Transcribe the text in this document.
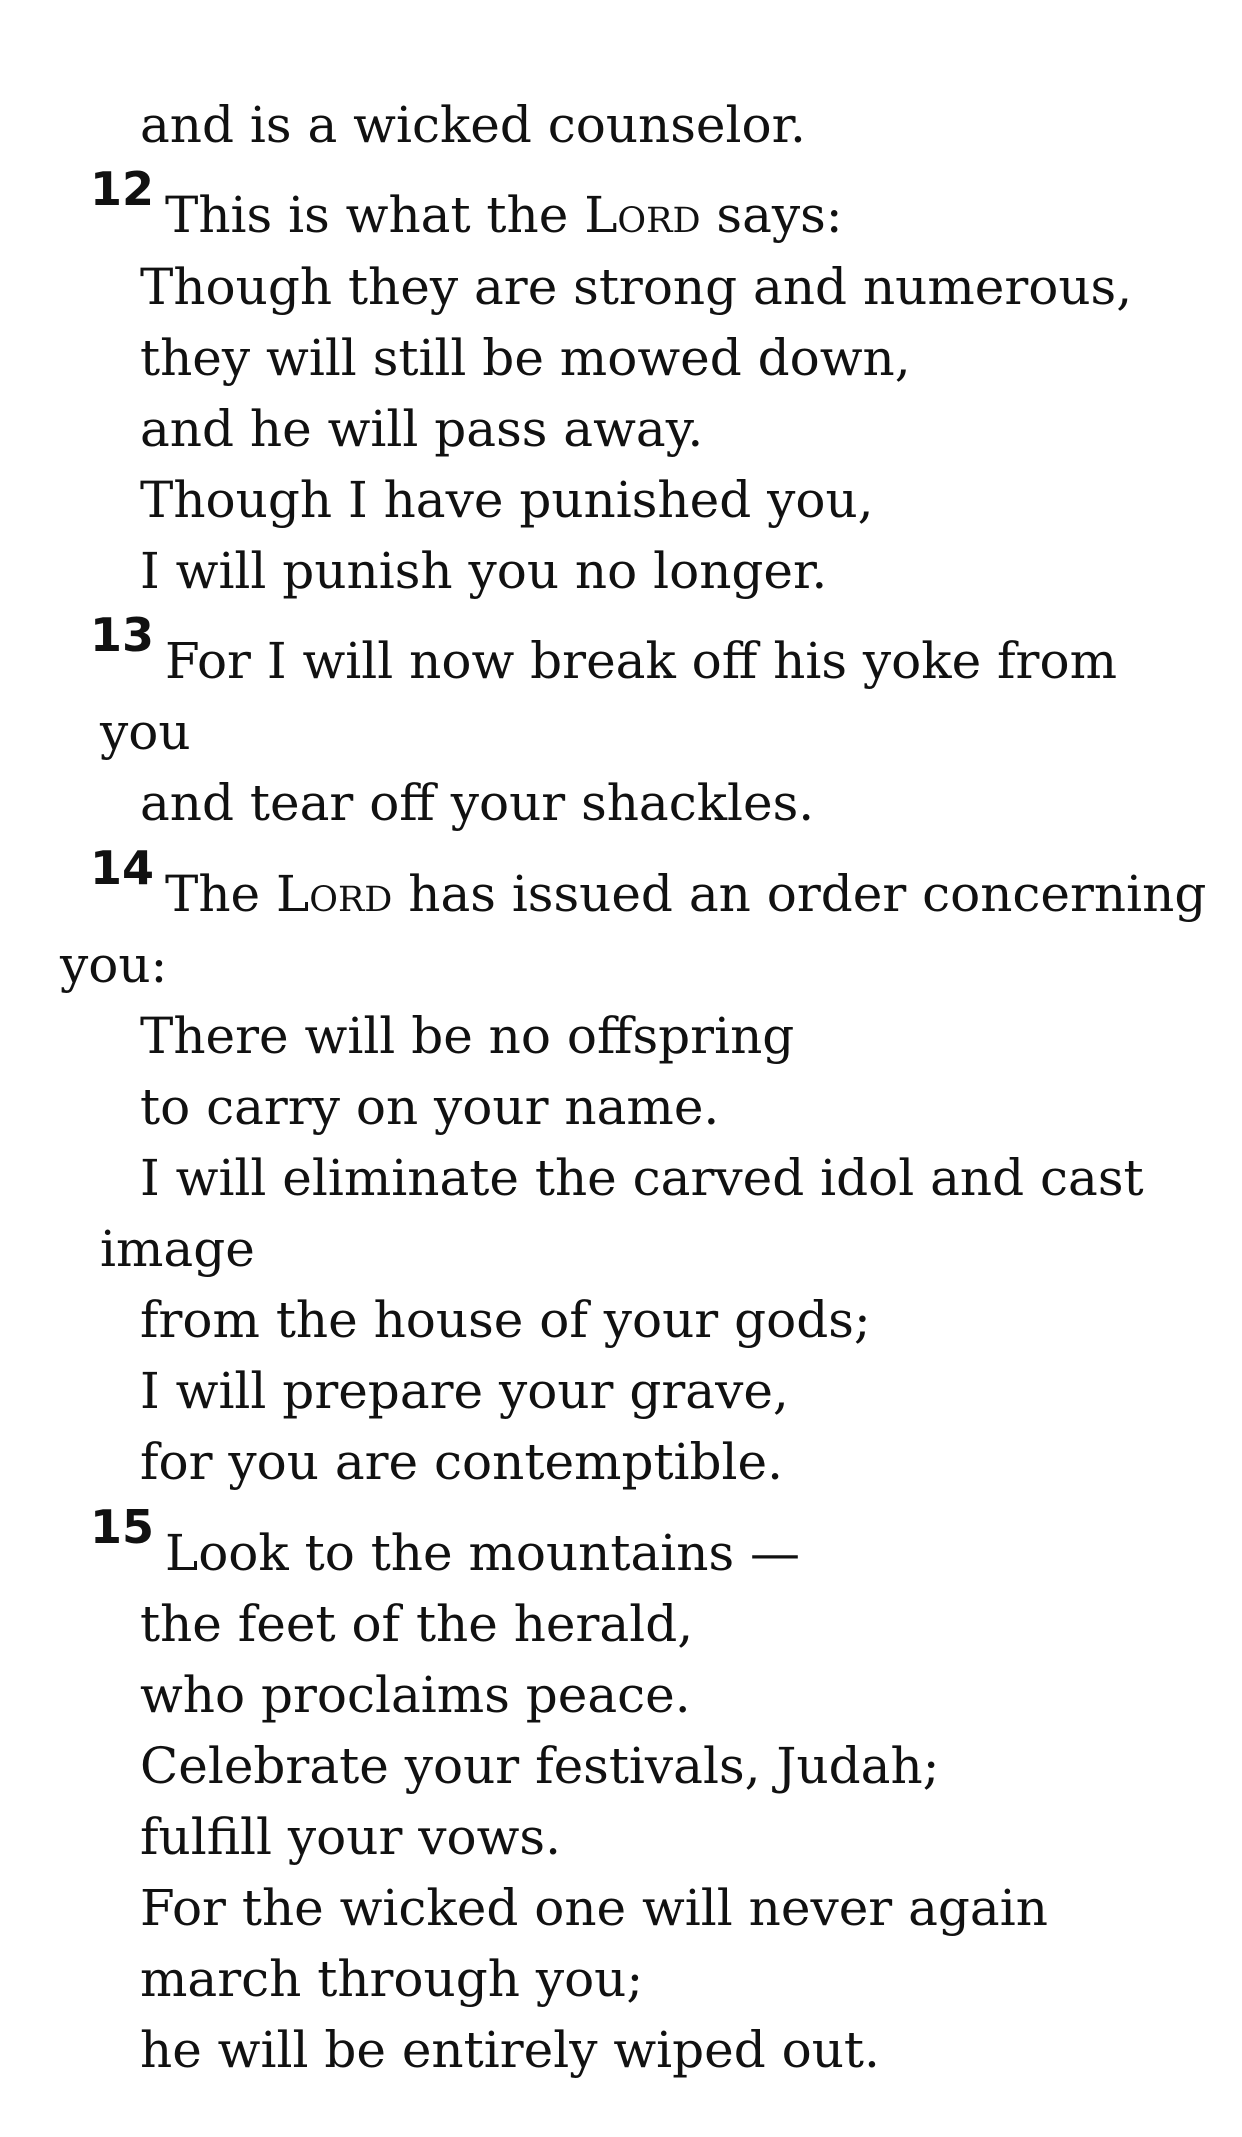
and is a wicked counselor.
12 This is what the Lord says:
Though they are strong and numerous,
they will still be mowed down,
and he will pass away.
Though I have punished you,
I will punish you no longer.
13 For I will now break off his yoke from
you
and tear off your shackles.
14 The Lord has issued an order concerning
you:
There will be no offspring
to carry on your name.
I will eliminate the carved idol and cast
image
from the house of your gods;
I will prepare your grave,
for you are contemptible.
15 Look to the mountains —
the feet of the herald,
who proclaims peace.
Celebrate your festivals, Judah;
fulfill your vows.
For the wicked one will never again
march through you;
he will be entirely wiped out.
